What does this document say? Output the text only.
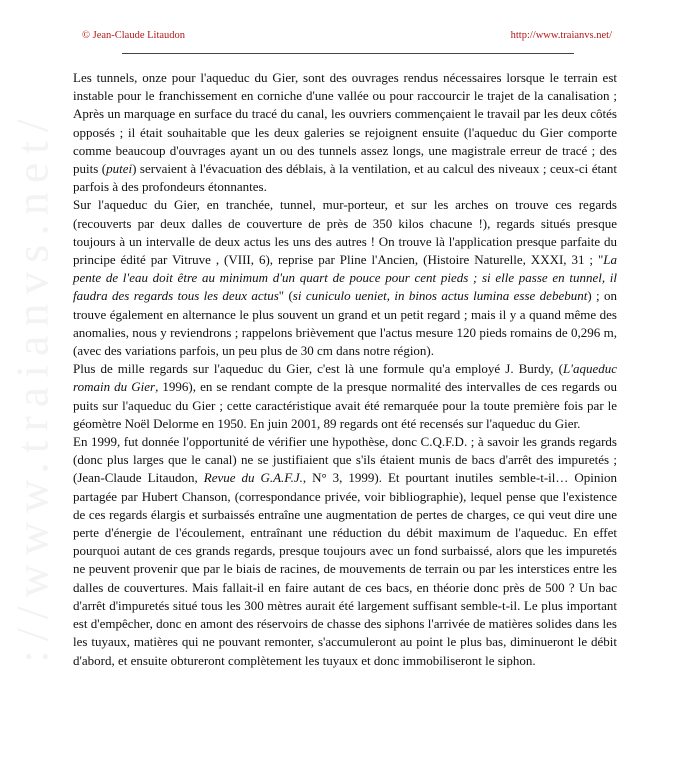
://www.traianvs.net/
© Jean-Claude Litaudon	http://www.traianvs.net/

Les tunnels, onze pour l'aqueduc du Gier, sont des ouvrages rendus nécessaires lorsque le terrain est instable pour le franchissement en corniche d'une vallée ou pour raccourcir le trajet de la canalisation ; Après un marquage en surface du tracé du canal, les ouvriers commençaient le travail par les deux côtés opposés ; il était souhaitable que les deux galeries se rejoignent ensuite (l'aqueduc du Gier comporte comme beaucoup d'ouvrages ayant un ou des tunnels assez longs, une magistrale erreur de tracé ; des puits (putei) servaient à l'évacuation des déblais, à la ventilation, et au calcul des niveaux ; ceux-ci étant parfois à des profondeurs étonnantes.

Sur l'aqueduc du Gier, en tranchée, tunnel, mur-porteur, et sur les arches on trouve ces regards (recouverts par deux dalles de couverture de près de 350 kilos chacune !), regards situés presque toujours à un intervalle de deux actus les uns des autres ! On trouve là l'application presque parfaite du principe édité par Vitruve , (VIII, 6), reprise par Pline l'Ancien, (Histoire Naturelle, XXXI, 31 ; "La pente de l'eau doit être au minimum d'un quart de pouce pour cent pieds ; si elle passe en tunnel, il faudra des regards tous les deux actus" (si cuniculo ueniet, in binos actus lumina esse debebunt) ; on trouve également en alternance le plus souvent un grand et un petit regard ; mais il y a quand même des anomalies, nous y reviendrons ; rappelons brièvement que l'actus mesure 120 pieds romains de 0,296 m, (avec des variations parfois, un peu plus de 30 cm dans notre région).

Plus de mille regards sur l'aqueduc du Gier, c'est là une formule qu'a employé J. Burdy, (L'aqueduc romain du Gier, 1996), en se rendant compte de la presque normalité des intervalles de ces regards ou puits sur l'aqueduc du Gier ; cette caractéristique avait été remarquée pour la toute première fois par le géomètre Noël Delorme en 1950. En juin 2001, 89 regards ont été recensés sur l'aqueduc du Gier.

En 1999, fut donnée l'opportunité de vérifier une hypothèse, donc C.Q.F.D. ; à savoir les grands regards (donc plus larges que le canal) ne se justifiaient que s'ils étaient munis de bacs d'arrêt des impuretés ; (Jean-Claude Litaudon, Revue du G.A.F.J., N° 3, 1999). Et pourtant inutiles semble-t-il… Opinion partagée par Hubert Chanson, (correspondance privée, voir bibliographie), lequel pense que l'existence de ces regards élargis et surbaissés entraîne une augmentation de pertes de charges, ce qui veut dire une perte d'énergie de l'écoulement, entraînant une réduction du débit maximum de l'aqueduc. En effet pourquoi autant de ces grands regards, presque toujours avec un fond surbaissé, alors que les impuretés ne peuvent provenir que par le biais de racines, de mouvements de terrain ou par les interstices entre les dalles de couvertures. Mais fallait-il en faire autant de ces bacs, en théorie donc près de 500 ? Un bac d'arrêt d'impuretés situé tous les 300 mètres aurait été largement suffisant semble-t-il. Le plus important est d'empêcher, donc en amont des réservoirs de chasse des siphons l'arrivée de matières solides dans les les tuyaux, matières qui ne pouvant remonter, s'accumuleront au point le plus bas, diminueront le débit d'abord, et ensuite obtureront complètement les tuyaux et donc immobiliseront le siphon.
